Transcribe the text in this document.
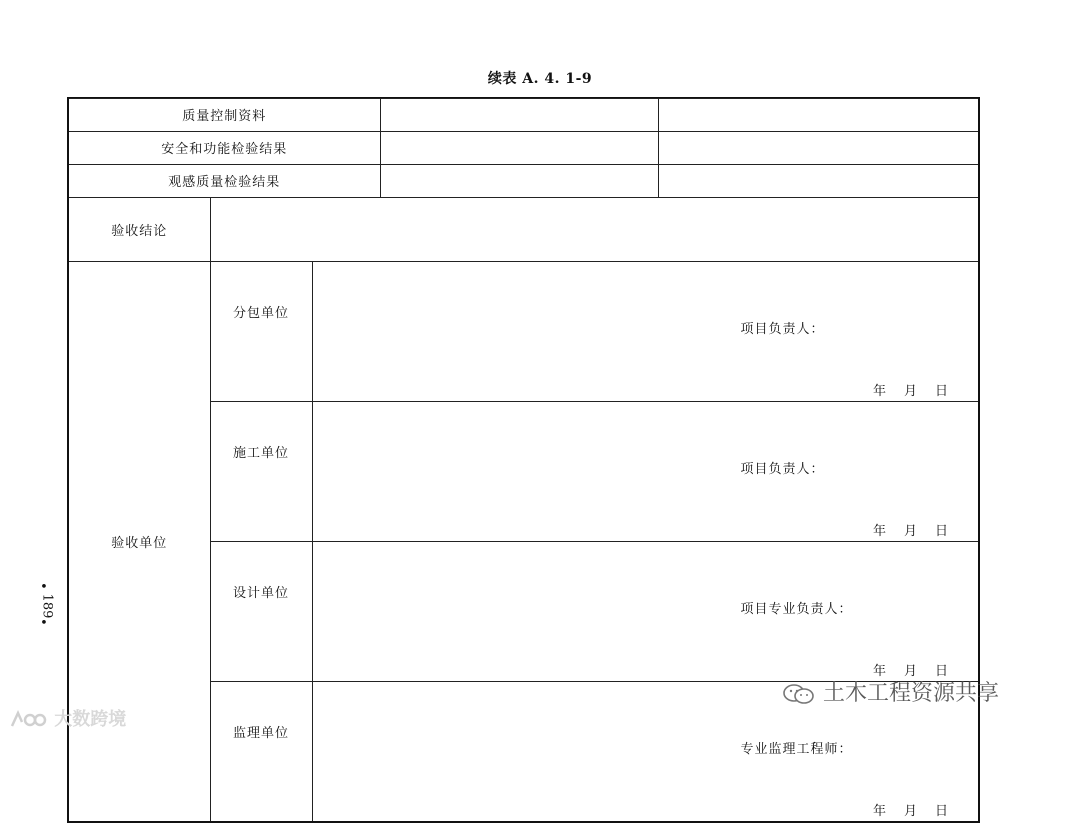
续表 A. 4. 1-9

质量控制资料				
安全和功能检验结果				
观感质量检验结果				
验收结论				
验收单位	分包单位	项目负责人：
年 月 日		

	施工单位	项目负责人：
年 月 日		

	设计单位	项目专业负责人：
年 月 日		

	监理单位	专业监理工程师：
年 月 日		
•
189
•
土木工程资源共享
大数跨境
